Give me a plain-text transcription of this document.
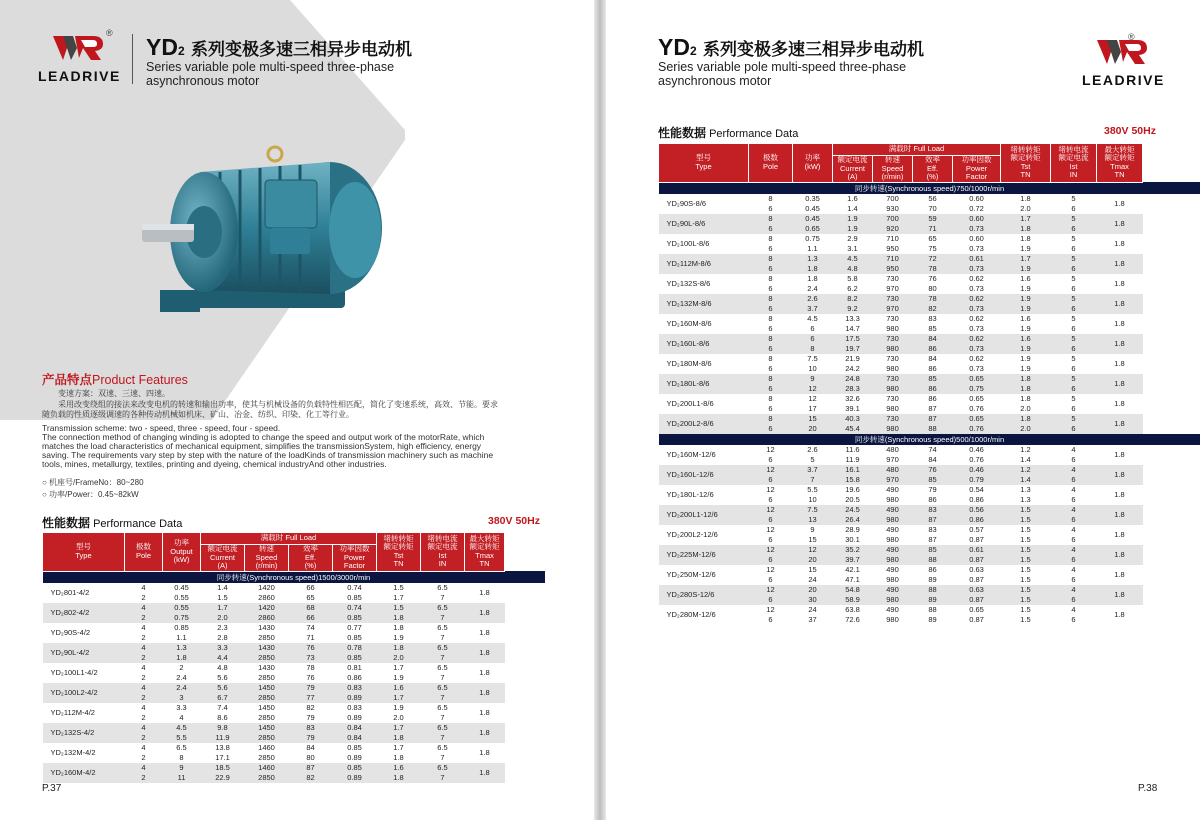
®
LEADRIVE
YD2 系列变极多速三相异步电动机
Series variable pole multi-speed three-phase
asynchronous motor
产品特点Product Features
变速方案：双速、三速、四速。
采用改变绕组的接法来改变电机的转速和输出功率，使其与机械设备的负载特性相匹配，简化了变速系统，高效、节能。要求
随负载的性质逐级调速的各种传动机械如机床、矿山、冶金、纺织、印染、化工等行业。
Transmission scheme: two - speed, three - speed, four - speed.
The connection method of changing winding is adopted to change the speed and output work of the motorRate, which
matches the load characteristics of mechanical equipment, simplifies the transmissionSystem, high efficiency, energy
saving. The requirements vary step by step with the nature of the loadKinds of transmission machinery such as machine
tools, mines, metallurgy, textiles, printing and dyeing, chemical industryAnd other industries.
○ 机座号/FrameNo：80~280
○ 功率/Power：0.45~82kW
性能数据 Performance Data	380V 50Hz
型号
Type	极数
Pole	功率
Output
(kW)	满载时 Full Load				堵转转矩
额定转矩
Tst
TN	堵转电流
额定电流
Ist
IN	最大转矩
额定转矩
Tmax
TN
			额定电流
Current
(A)	转速
Speed
(r/min)	效率
Eff.
(%)	功率因数
Power
Factor			
同步转速(Synchronous speed)1500/3000r/min									
YD₂801-4/2	4	0.45	1.4	1420	66	0.74	1.5	6.5	1.8
	2	0.55	1.5	2860	65	0.85	1.7	7	
YD₂802-4/2	4	0.55	1.7	1420	68	0.74	1.5	6.5	1.8
	2	0.75	2.0	2860	66	0.85	1.8	7	
YD₂90S-4/2	4	0.85	2.3	1430	74	0.77	1.8	6.5	1.8
	2	1.1	2.8	2850	71	0.85	1.9	7	
YD₂90L-4/2	4	1.3	3.3	1430	76	0.78	1.8	6.5	1.8
	2	1.8	4.4	2850	73	0.85	2.0	7	
YD₂100L1-4/2	4	2	4.8	1430	78	0.81	1.7	6.5	1.8
	2	2.4	5.6	2850	76	0.86	1.9	7	
YD₂100L2-4/2	4	2.4	5.6	1450	79	0.83	1.6	6.5	1.8
	2	3	6.7	2850	77	0.89	1.7	7	
YD₂112M-4/2	4	3.3	7.4	1450	82	0.83	1.9	6.5	1.8
	2	4	8.6	2850	79	0.89	2.0	7	
YD₂132S-4/2	4	4.5	9.8	1450	83	0.84	1.7	6.5	1.8
	2	5.5	11.9	2850	79	0.84	1.8	7	
YD₂132M-4/2	4	6.5	13.8	1460	84	0.85	1.7	6.5	1.8
	2	8	17.1	2850	80	0.89	1.8	7	
YD₂160M-4/2	4	9	18.5	1460	87	0.85	1.6	6.5	1.8
	2	11	22.9	2850	82	0.89	1.8	7	
P.37
YD2 系列变极多速三相异步电动机
Series variable pole multi-speed three-phase
asynchronous motor
®
LEADRIVE
性能数据 Performance Data	380V 50Hz
型号
Type	极数
Pole	功率
(kW)	满载时 Full Load				堵转转矩
额定转矩
Tst
TN	堵转电流
额定电流
Ist
IN	最大转矩
额定转矩
Tmax
TN
			额定电流
Current
(A)	转速
Speed
(r/min)	效率
Eff.
(%)	功率因数
Power
Factor			
同步转速(Synchronous speed)750/1000r/min									
YD₂90S-8/6	8	0.35	1.6	700	56	0.60	1.8	5	1.8
	6	0.45	1.4	930	70	0.72	2.0	6	
YD₂90L-8/6	8	0.45	1.9	700	59	0.60	1.7	5	1.8
	6	0.65	1.9	920	71	0.73	1.8	6	
YD₂100L-8/6	8	0.75	2.9	710	65	0.60	1.8	5	1.8
	6	1.1	3.1	950	75	0.73	1.9	6	
YD₂112M-8/6	8	1.3	4.5	710	72	0.61	1.7	5	1.8
	6	1.8	4.8	950	78	0.73	1.9	6	
YD₂132S-8/6	8	1.8	5.8	730	76	0.62	1.6	5	1.8
	6	2.4	6.2	970	80	0.73	1.9	6	
YD₂132M-8/6	8	2.6	8.2	730	78	0.62	1.9	5	1.8
	6	3.7	9.2	970	82	0.73	1.9	6	
YD₂160M-8/6	8	4.5	13.3	730	83	0.62	1.6	5	1.8
	6	6	14.7	980	85	0.73	1.9	6	
YD₂160L-8/6	8	6	17.5	730	84	0.62	1.6	5	1.8
	6	8	19.7	980	86	0.73	1.9	6	
YD₂180M-8/6	8	7.5	21.9	730	84	0.62	1.9	5	1.8
	6	10	24.2	980	86	0.73	1.9	6	
YD₂180L-8/6	8	9	24.8	730	85	0.65	1.8	5	1.8
	6	12	28.3	980	86	0.75	1.8	6	
YD₂200L1-8/6	8	12	32.6	730	86	0.65	1.8	5	1.8
	6	17	39.1	980	87	0.76	2.0	6	
YD₂200L2-8/6	8	15	40.3	730	87	0.65	1.8	5	1.8
	6	20	45.4	980	88	0.76	2.0	6	
同步转速(Synchronous speed)500/1000r/min									
YD₂160M-12/6	12	2.6	11.6	480	74	0.46	1.2	4	1.8
	6	5	11.9	970	84	0.76	1.4	6	
YD₂160L-12/6	12	3.7	16.1	480	76	0.46	1.2	4	1.8
	6	7	15.8	970	85	0.79	1.4	6	
YD₂180L-12/6	12	5.5	19.6	490	79	0.54	1.3	4	1.8
	6	10	20.5	980	86	0.86	1.3	6	
YD₂200L1-12/6	12	7.5	24.5	490	83	0.56	1.5	4	1.8
	6	13	26.4	980	87	0.86	1.5	6	
YD₂200L2-12/6	12	9	28.9	490	83	0.57	1.5	4	1.8
	6	15	30.1	980	87	0.87	1.5	6	
YD₂225M-12/6	12	12	35.2	490	85	0.61	1.5	4	1.8
	6	20	39.7	980	88	0.87	1.5	6	
YD₂250M-12/6	12	15	42.1	490	86	0.63	1.5	4	1.8
	6	24	47.1	980	89	0.87	1.5	6	
YD₂280S-12/6	12	20	54.8	490	88	0.63	1.5	4	1.8
	6	30	58.9	980	89	0.87	1.5	6	
YD₂280M-12/6	12	24	63.8	490	88	0.65	1.5	4	1.8
	6	37	72.6	980	89	0.87	1.5	6	
P.38
